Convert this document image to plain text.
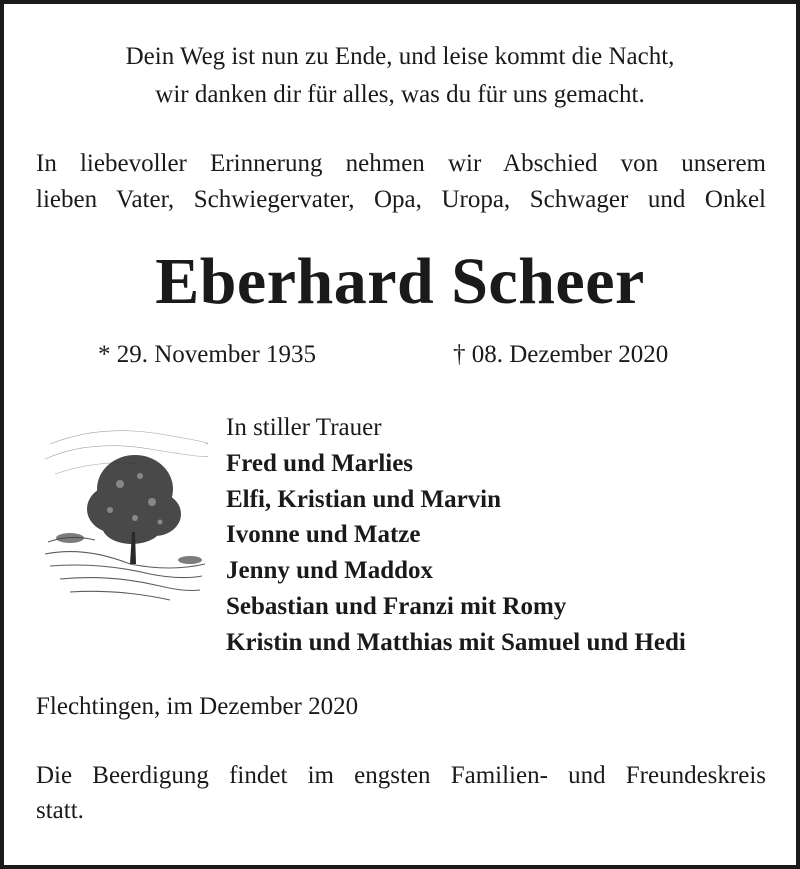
Dein Weg ist nun zu Ende, und leise kommt die Nacht,
wir danken dir für alles, was du für uns gemacht.
In liebevoller Erinnerung nehmen wir Abschied von unserem
lieben Vater, Schwiegervater, Opa, Uropa, Schwager und Onkel
Eberhard Scheer
* 29. November 1935	† 08. Dezember 2020
In stiller Trauer
Fred und Marlies
Elfi, Kristian und Marvin
Ivonne und Matze
Jenny und Maddox
Sebastian und Franzi mit Romy
Kristin und Matthias mit Samuel und Hedi
Flechtingen, im Dezember 2020
Die Beerdigung findet im engsten Familien- und Freundeskreis
statt.
